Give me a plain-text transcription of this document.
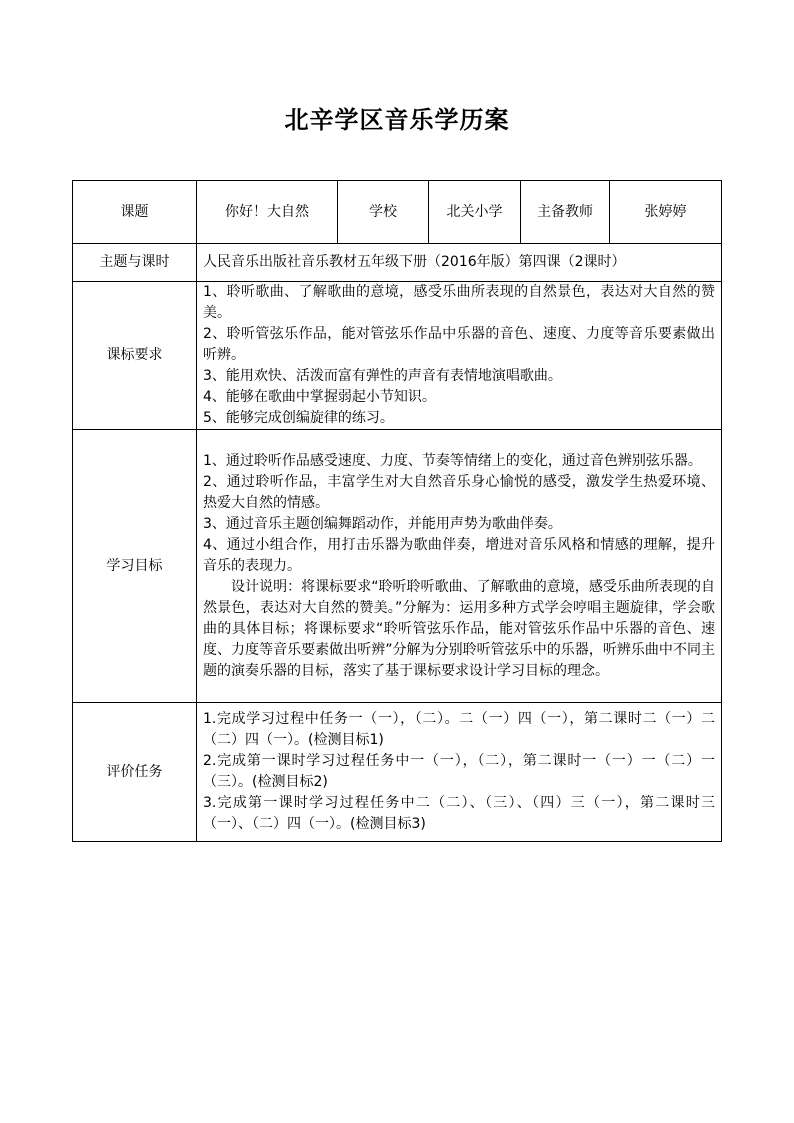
北辛学区音乐学历案
课题	你好！大自然	学校	北关小学	主备教师	张婷婷
主题与课时	人民音乐出版社音乐教材五年级下册（2016年版）第四课（2课时）				
课标要求	1、聆听歌曲、了解歌曲的意境，感受乐曲所表现的自然景色，表达对大自然的赞美。
2、聆听管弦乐作品，能对管弦乐作品中乐器的音色、速度、力度等音乐要素做出听辨。
3、能用欢快、活泼而富有弹性的声音有表情地演唱歌曲。
4、能够在歌曲中掌握弱起小节知识。
5、能够完成创编旋律的练习。				

学习目标	1、通过聆听作品感受速度、力度、节奏等情绪上的变化，通过音色辨别弦乐器。
2、通过聆听作品，丰富学生对大自然音乐身心愉悦的感受，激发学生热爱环境、热爱大自然的情感。
3、通过音乐主题创编舞蹈动作，并能用声势为歌曲伴奏。
4、通过小组合作，用打击乐器为歌曲伴奏，增进对音乐风格和情感的理解，提升音乐的表现力。
设计说明：将课标要求“聆听聆听歌曲、了解歌曲的意境，感受乐曲所表现的自然景色，表达对大自然的赞美。”分解为：运用多种方式学会哼唱主题旋律，学会歌曲的具体目标；将课标要求“聆听管弦乐作品，能对管弦乐作品中乐器的音色、速度、力度等音乐要素做出听辨”分解为分别聆听管弦乐中的乐器，听辨乐曲中不同主题的演奏乐器的目标，落实了基于课标要求设计学习目标的理念。				

评价任务	1.完成学习过程中任务一（一），（二）。二（一）四（一），第二课时二（一）二（二）四（一）。(检测目标1)
2.完成第一课时学习过程任务中一（一），（二），第二课时一（一）一（二）一（三）。(检测目标2)
3.完成第一课时学习过程任务中二（二）、（三）、（四）三（一），第二课时三（一）、（二）四（一）。(检测目标3)				
